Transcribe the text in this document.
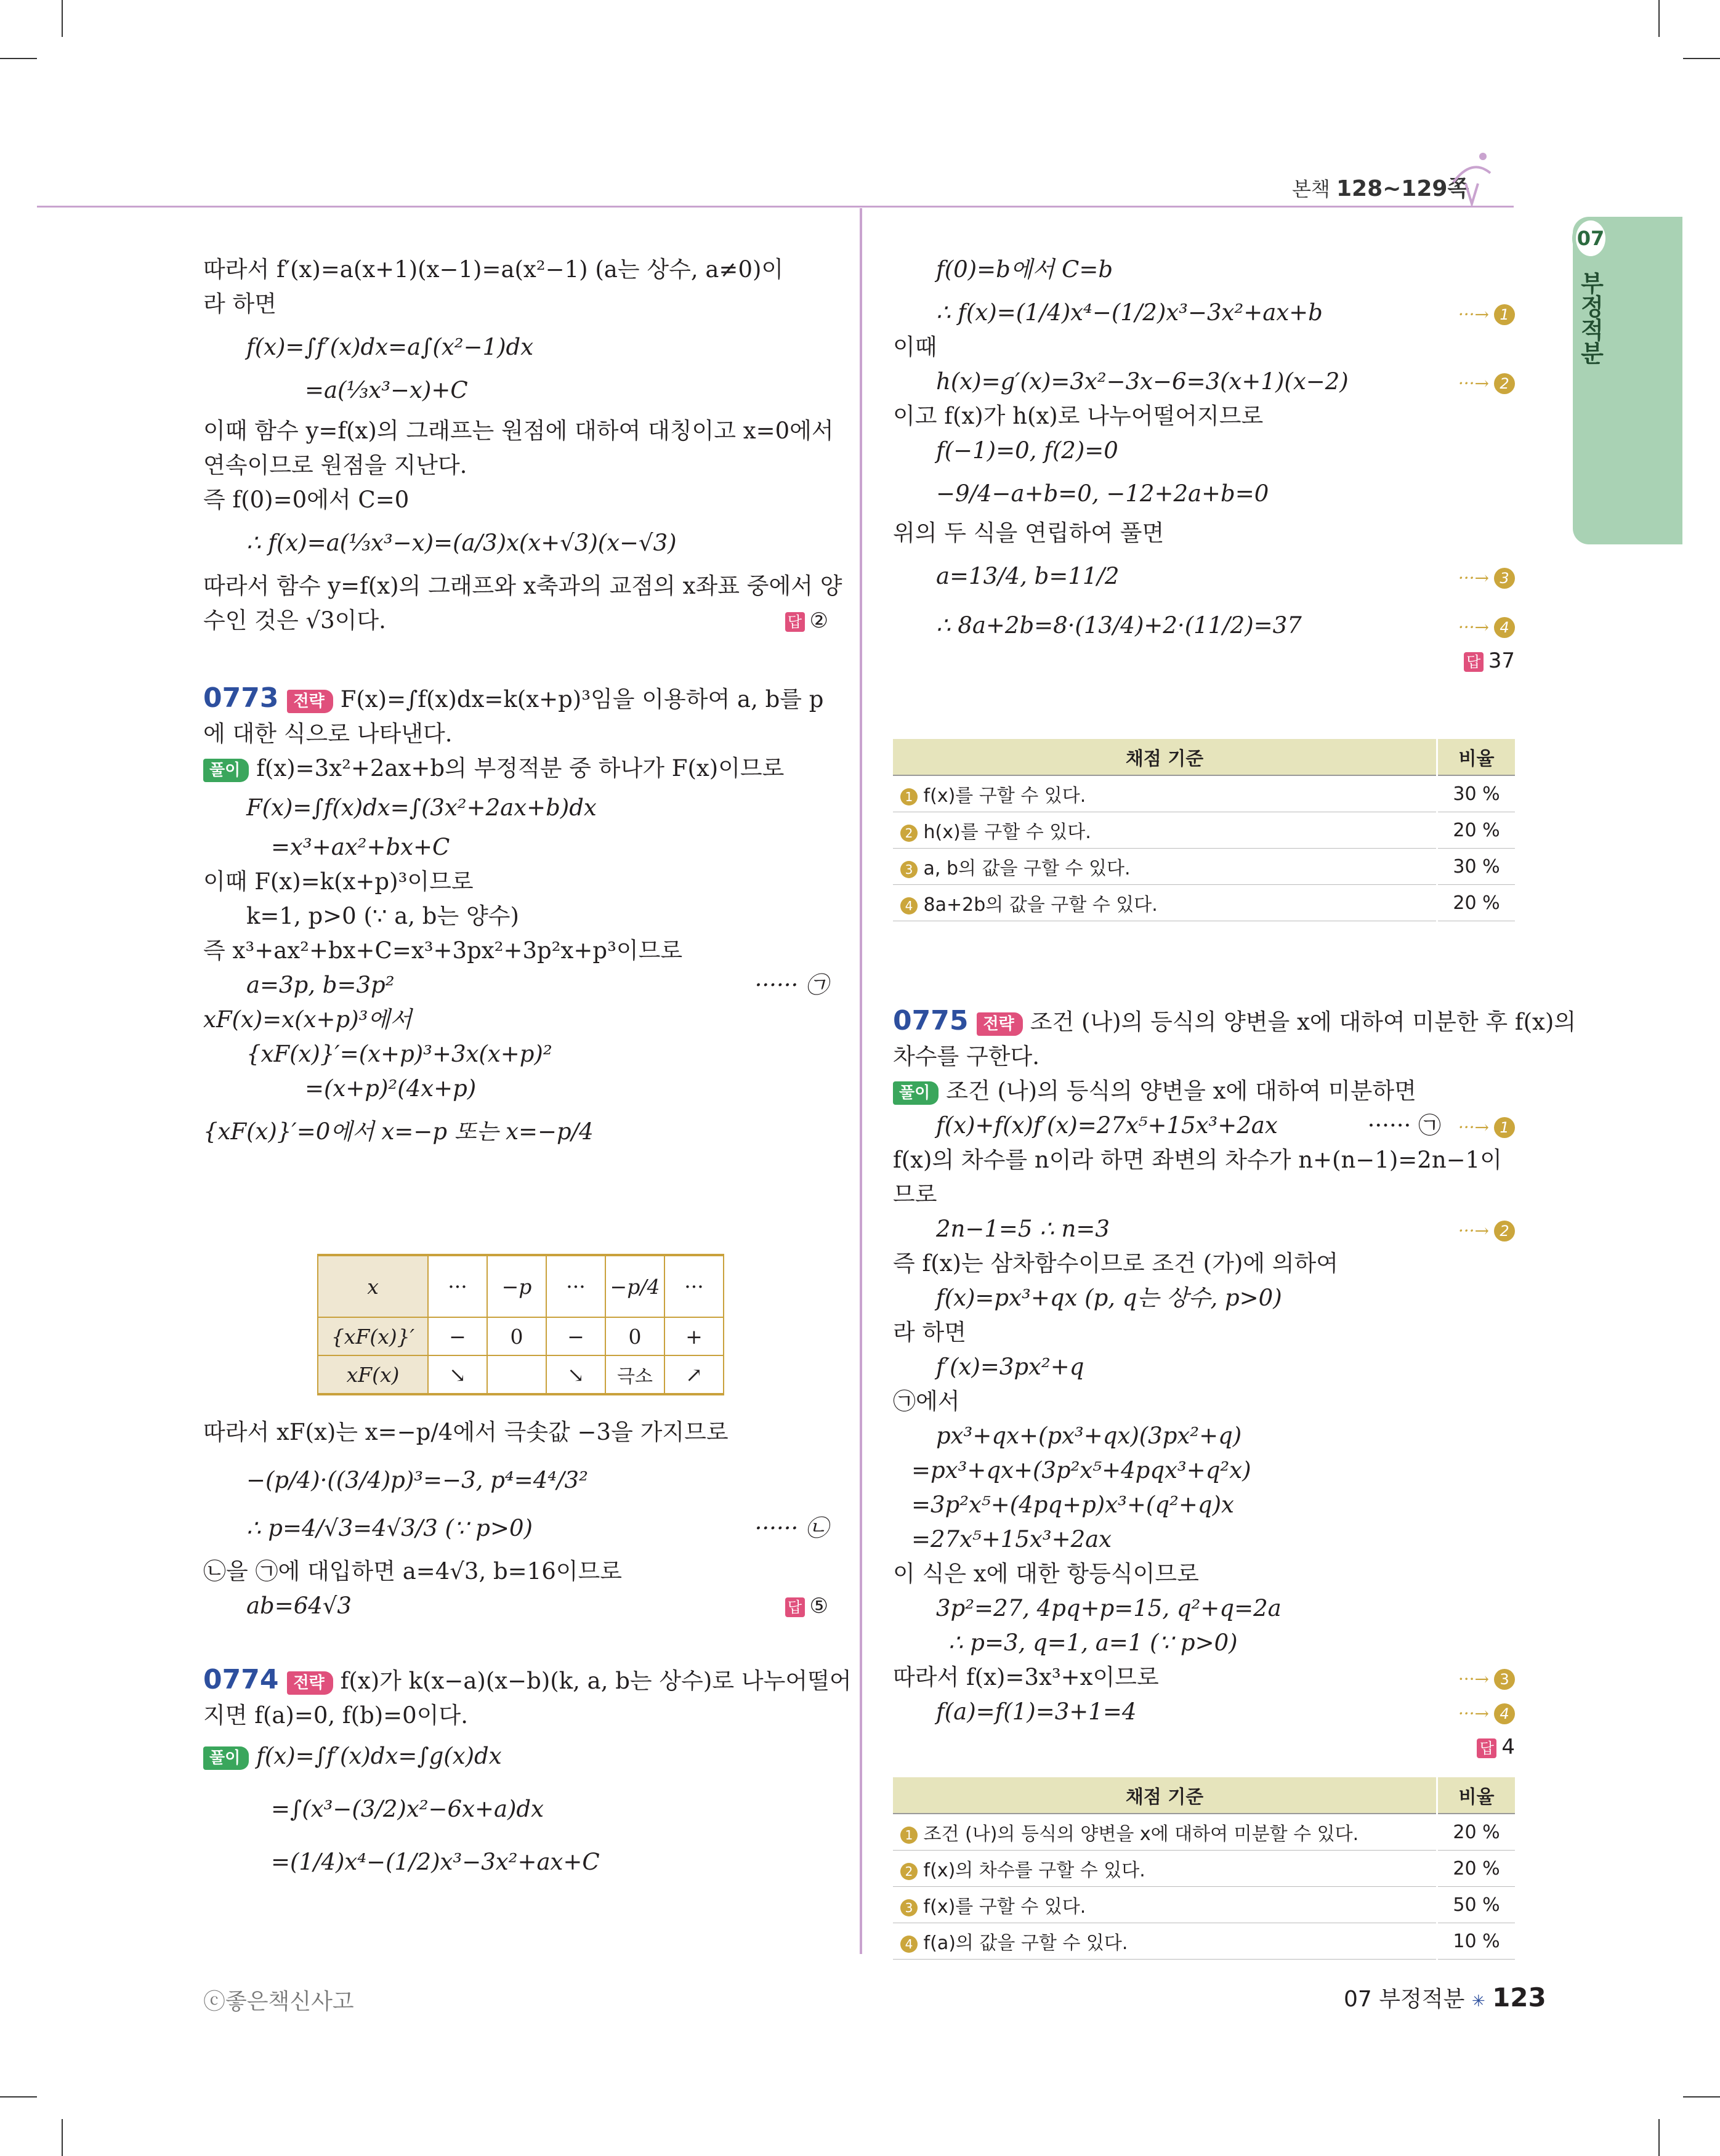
본책 128~129쪽
07
부정적분
따라서 f′(x)=a(x+1)(x−1)=a(x²−1) (a는 상수, a≠0)이
라 하면
f(x)=∫f′(x)dx=a∫(x²−1)dx
=a(⅓x³−x)+C
이때 함수 y=f(x)의 그래프는 원점에 대하여 대칭이고 x=0에서
연속이므로 원점을 지난다.
즉 f(0)=0에서 C=0
∴ f(x)=a(⅓x³−x)=(a/3)x(x+√3)(x−√3)
따라서 함수 y=f(x)의 그래프와 x축과의 교점의 x좌표 중에서 양
수인 것은 √3이다.	답 ②
0773 전략 F(x)=∫f(x)dx=k(x+p)³임을 이용하여 a, b를 p
에 대한 식으로 나타낸다.
풀이 f(x)=3x²+2ax+b의 부정적분 중 하나가 F(x)이므로
F(x)=∫f(x)dx=∫(3x²+2ax+b)dx
=x³+ax²+bx+C
이때 F(x)=k(x+p)³이므로
k=1, p>0 (∵ a, b는 양수)
즉 x³+ax²+bx+C=x³+3px²+3p²x+p³이므로
a=3p, b=3p²	······ ㉠
xF(x)=x(x+p)³에서
{xF(x)}′=(x+p)³+3x(x+p)²
=(x+p)²(4x+p)
{xF(x)}′=0에서 x=−p 또는 x=−p/4
x	···	−p	···	−p/4	···
{xF(x)}′	−	0	−	0	+
xF(x)	↘		↘	극소	↗
따라서 xF(x)는 x=−p/4에서 극솟값 −3을 가지므로
−(p/4)·((3/4)p)³=−3, p⁴=4⁴/3²
∴ p=4/√3=4√3/3 (∵ p>0)	······ ㉡
㉡을 ㉠에 대입하면 a=4√3, b=16이므로
ab=64√3	답 ⑤
0774 전략 f(x)가 k(x−a)(x−b)(k, a, b는 상수)로 나누어떨어
지면 f(a)=0, f(b)=0이다.
풀이 f(x)=∫f′(x)dx=∫g(x)dx
=∫(x³−(3/2)x²−6x+a)dx
=(1/4)x⁴−(1/2)x³−3x²+ax+C
f(0)=b에서 C=b
∴ f(x)=(1/4)x⁴−(1/2)x³−3x²+ax+b	···→ 1
이때
h(x)=g′(x)=3x²−3x−6=3(x+1)(x−2)	···→ 2
이고 f(x)가 h(x)로 나누어떨어지므로
f(−1)=0, f(2)=0
−9/4−a+b=0, −12+2a+b=0
위의 두 식을 연립하여 풀면
a=13/4, b=11/2	···→ 3
∴ 8a+2b=8·(13/4)+2·(11/2)=37	···→ 4
답 37
채점 기준	비율
1 f(x)를 구할 수 있다.	30 %
2 h(x)를 구할 수 있다.	20 %
3 a, b의 값을 구할 수 있다.	30 %
4 8a+2b의 값을 구할 수 있다.	20 %
0775 전략 조건 (나)의 등식의 양변을 x에 대하여 미분한 후 f(x)의
차수를 구한다.
풀이 조건 (나)의 등식의 양변을 x에 대하여 미분하면
f(x)+f(x)f′(x)=27x⁵+15x³+2ax	······ ㉠ ···→ 1
f(x)의 차수를 n이라 하면 좌변의 차수가 n+(n−1)=2n−1이
므로
2n−1=5 ∴ n=3	···→ 2
즉 f(x)는 삼차함수이므로 조건 (가)에 의하여
f(x)=px³+qx (p, q는 상수, p>0)
라 하면
f′(x)=3px²+q
㉠에서
px³+qx+(px³+qx)(3px²+q)
=px³+qx+(3p²x⁵+4pqx³+q²x)
=3p²x⁵+(4pq+p)x³+(q²+q)x
=27x⁵+15x³+2ax
이 식은 x에 대한 항등식이므로
3p²=27, 4pq+p=15, q²+q=2a
∴ p=3, q=1, a=1 (∵ p>0)
따라서 f(x)=3x³+x이므로	···→ 3
f(a)=f(1)=3+1=4	···→ 4
답 4
채점 기준	비율
1 조건 (나)의 등식의 양변을 x에 대하여 미분할 수 있다.	20 %
2 f(x)의 차수를 구할 수 있다.	20 %
3 f(x)를 구할 수 있다.	50 %
4 f(a)의 값을 구할 수 있다.	10 %
ⓒ좋은책신사고	07 부정적분 ✳ 123
